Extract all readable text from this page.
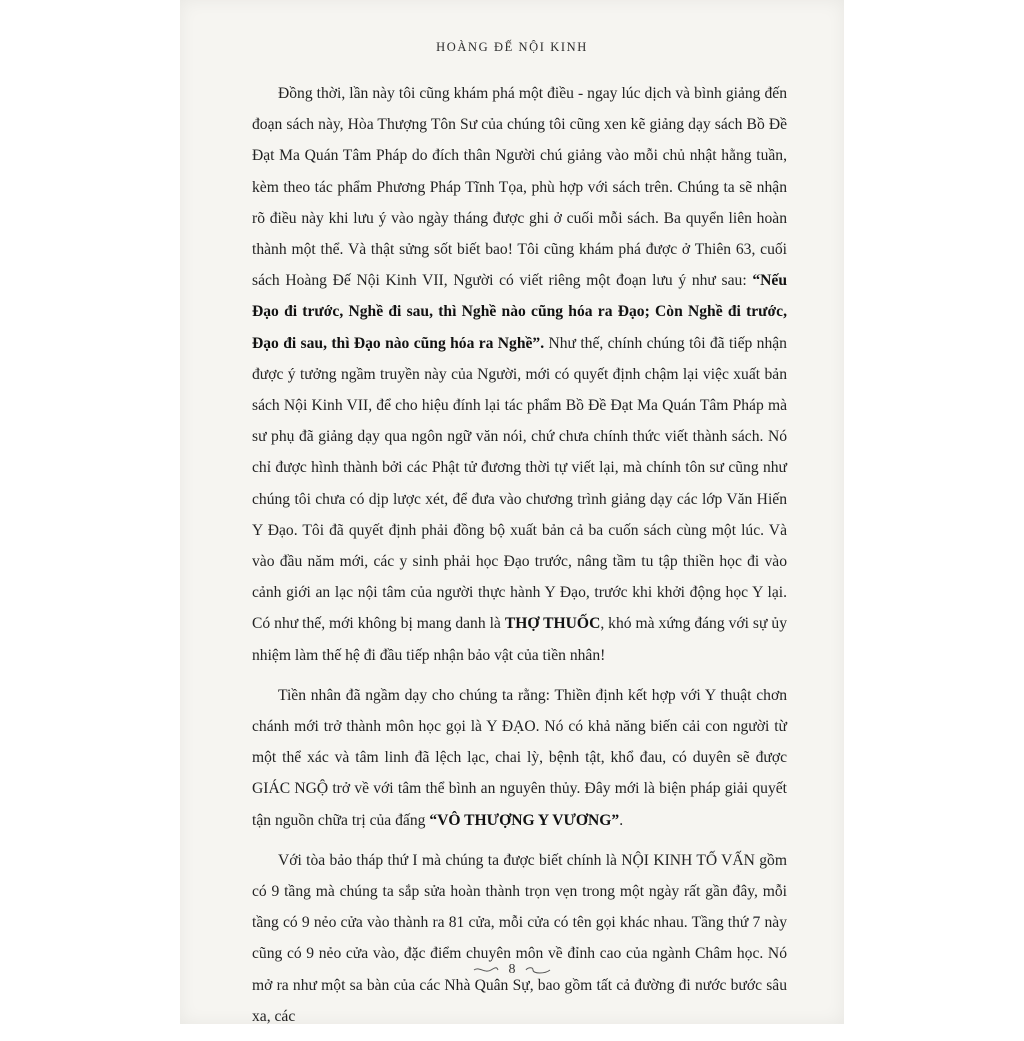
HOÀNG ĐẾ NỘI KINH

Đồng thời, lần này tôi cũng khám phá một điều - ngay lúc dịch và bình giảng đến đoạn sách này, Hòa Thượng Tôn Sư của chúng tôi cũng xen kẽ giảng dạy sách Bồ Đề Đạt Ma Quán Tâm Pháp do đích thân Người chú giảng vào mỗi chủ nhật hằng tuần, kèm theo tác phẩm Phương Pháp Tĩnh Tọa, phù hợp với sách trên. Chúng ta sẽ nhận rõ điều này khi lưu ý vào ngày tháng được ghi ở cuối mỗi sách. Ba quyển liên hoàn thành một thể. Và thật sửng sốt biết bao! Tôi cũng khám phá được ở Thiên 63, cuối sách Hoàng Đế Nội Kinh VII, Người có viết riêng một đoạn lưu ý như sau: “Nếu Đạo đi trước, Nghề đi sau, thì Nghề nào cũng hóa ra Đạo; Còn Nghề đi trước, Đạo đi sau, thì Đạo nào cũng hóa ra Nghề”. Như thế, chính chúng tôi đã tiếp nhận được ý tưởng ngầm truyền này của Người, mới có quyết định chậm lại việc xuất bản sách Nội Kinh VII, để cho hiệu đính lại tác phẩm Bồ Đề Đạt Ma Quán Tâm Pháp mà sư phụ đã giảng dạy qua ngôn ngữ văn nói, chứ chưa chính thức viết thành sách. Nó chỉ được hình thành bởi các Phật tử đương thời tự viết lại, mà chính tôn sư cũng như chúng tôi chưa có dịp lược xét, để đưa vào chương trình giảng dạy các lớp Văn Hiến Y Đạo. Tôi đã quyết định phải đồng bộ xuất bản cả ba cuốn sách cùng một lúc. Và vào đầu năm mới, các y sinh phải học Đạo trước, nâng tầm tu tập thiền học đi vào cảnh giới an lạc nội tâm của người thực hành Y Đạo, trước khi khởi động học Y lại. Có như thế, mới không bị mang danh là THỢ THUỐC, khó mà xứng đáng với sự ủy nhiệm làm thế hệ đi đầu tiếp nhận bảo vật của tiền nhân!

Tiền nhân đã ngầm dạy cho chúng ta rằng: Thiền định kết hợp với Y thuật chơn chánh mới trở thành môn học gọi là Y ĐẠO. Nó có khả năng biến cải con người từ một thể xác và tâm linh đã lệch lạc, chai lỳ, bệnh tật, khổ đau, có duyên sẽ được GIÁC NGỘ trở về với tâm thể bình an nguyên thủy. Đây mới là biện pháp giải quyết tận nguồn chữa trị của đấng “VÔ THƯỢNG Y VƯƠNG”.

Với tòa bảo tháp thứ I mà chúng ta được biết chính là NỘI KINH TỐ VẤN gồm có 9 tầng mà chúng ta sắp sửa hoàn thành trọn vẹn trong một ngày rất gần đây, mỗi tầng có 9 nẻo cửa vào thành ra 81 cửa, mỗi cửa có tên gọi khác nhau. Tầng thứ 7 này cũng có 9 nẻo cửa vào, đặc điểm chuyên môn về đỉnh cao của ngành Châm học. Nó mở ra như một sa bàn của các Nhà Quân Sự, bao gồm tất cả đường đi nước bước sâu xa, các

8
